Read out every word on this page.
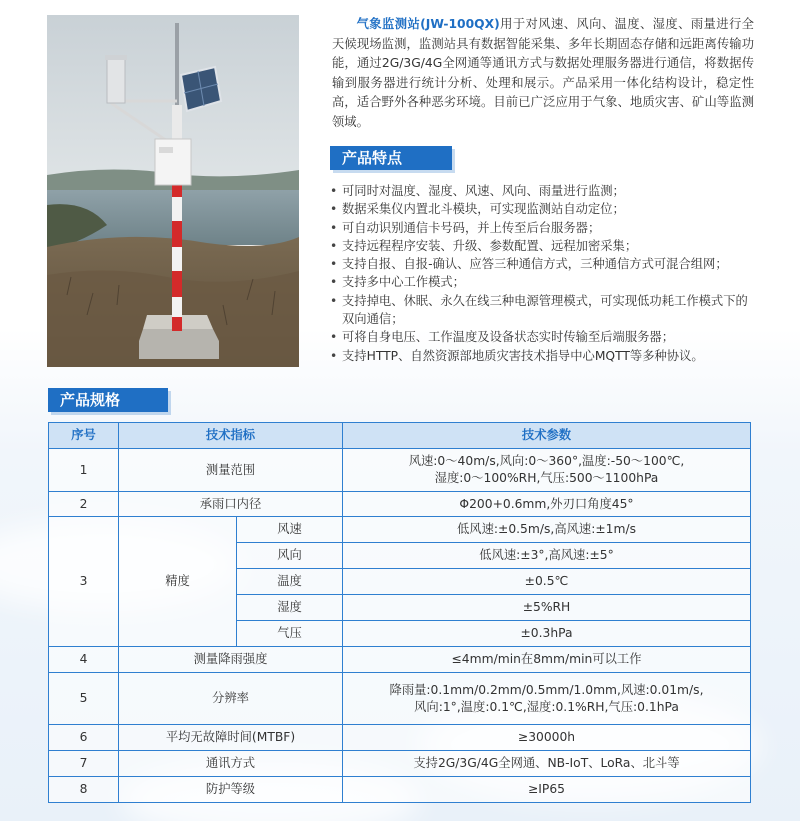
气象监测站(JW-100QX)用于对风速、风向、温度、湿度、雨量进行全天候现场监测，监测站具有数据智能采集、多年长期固态存储和远距离传输功能，通过2G/3G/4G全网通等通讯方式与数据处理服务器进行通信，将数据传输到服务器进行统计分析、处理和展示。产品采用一体化结构设计，稳定性高，适合野外各种恶劣环境。目前已广泛应用于气象、地质灾害、矿山等监测领域。
产品特点
• 可同时对温度、湿度、风速、风向、雨量进行监测；
• 数据采集仪内置北斗模块，可实现监测站自动定位；
• 可自动识别通信卡号码，并上传至后台服务器；
• 支持远程程序安装、升级、参数配置、远程加密采集；
• 支持自报、自报-确认、应答三种通信方式，三种通信方式可混合组网；
• 支持多中心工作模式；
• 支持掉电、休眠、永久在线三种电源管理模式，可实现低功耗工作模式下的双向通信；
• 可将自身电压、工作温度及设备状态实时传输至后端服务器；
• 支持HTTP、自然资源部地质灾害技术指导中心MQTT等多种协议。
产品规格
序号	技术指标		技术参数
1	测量范围		风速:0～40m/s,风向:0～360°,温度:-50～100℃,
湿度:0～100%RH,气压:500～1100hPa

2	承雨口内径		Φ200+0.6mm,外刃口角度45°
3	精度	风速	低风速:±0.5m/s,高风速:±1m/s
		风向	低风速:±3°,高风速:±5°
		温度	±0.5℃
		湿度	±5%RH
		气压	±0.3hPa
4	测量降雨强度		≤4mm/min在8mm/min可以工作
5	分辨率		降雨量:0.1mm/0.2mm/0.5mm/1.0mm,风速:0.01m/s,
风向:1°,温度:0.1℃,湿度:0.1%RH,气压:0.1hPa

6	平均无故障时间(MTBF)		≥30000h
7	通讯方式		支持2G/3G/4G全网通、NB-IoT、LoRa、北斗等
8	防护等级		≥IP65
